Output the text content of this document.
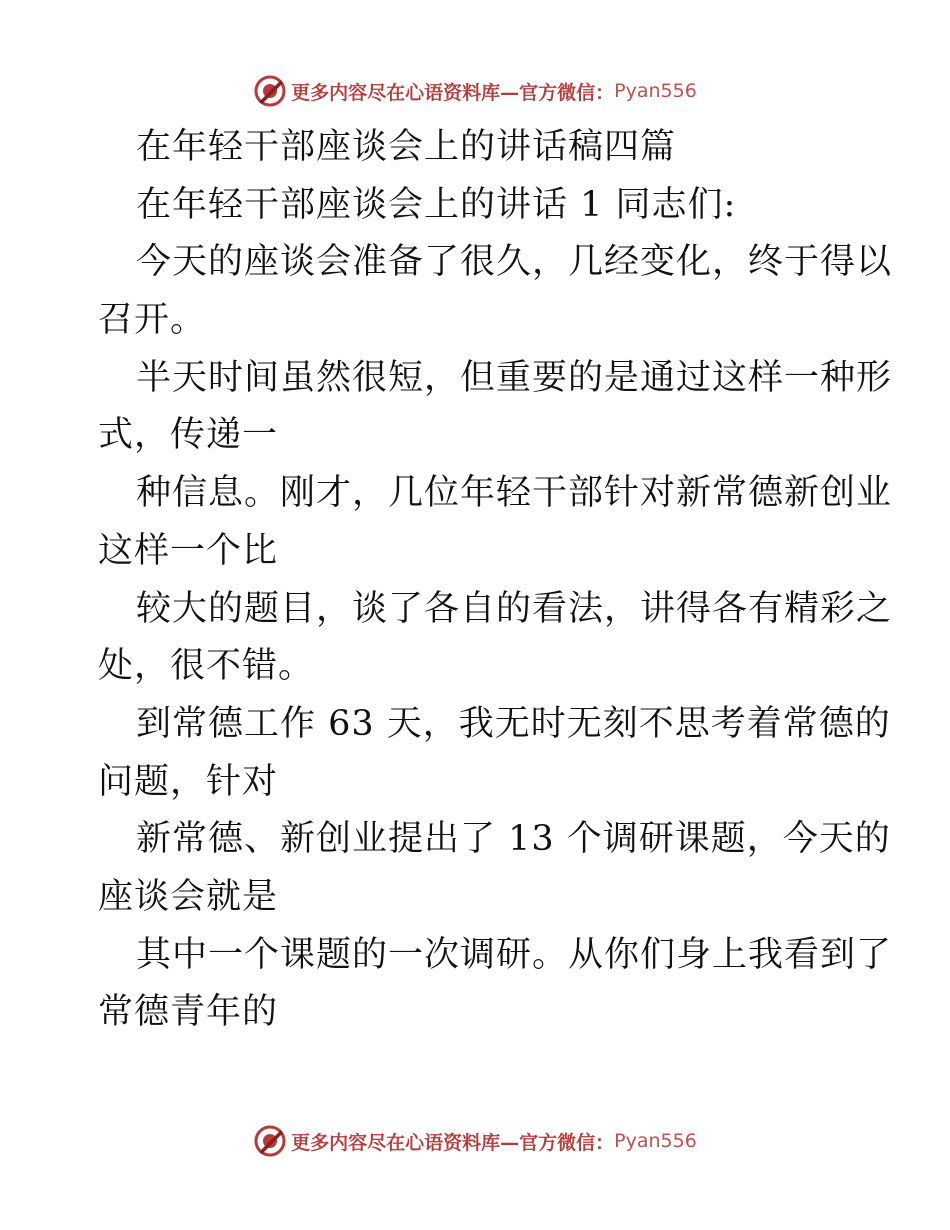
更多内容尽在心语资料库—官方微信： Pyan556
在年轻干部座谈会上的讲话稿四篇
在年轻干部座谈会上的讲话 1 同志们:
今天的座谈会准备了很久，几经变化，终于得以
召开。
半天时间虽然很短，但重要的是通过这样一种形
式，传递一
种信息。刚才，几位年轻干部针对新常德新创业
这样一个比
较大的题目，谈了各自的看法，讲得各有精彩之
处，很不错。
到常德工作 63 天，我无时无刻不思考着常德的
问题，针对
新常德、新创业提出了 13 个调研课题，今天的
座谈会就是
其中一个课题的一次调研。从你们身上我看到了
常德青年的
更多内容尽在心语资料库—官方微信： Pyan556
